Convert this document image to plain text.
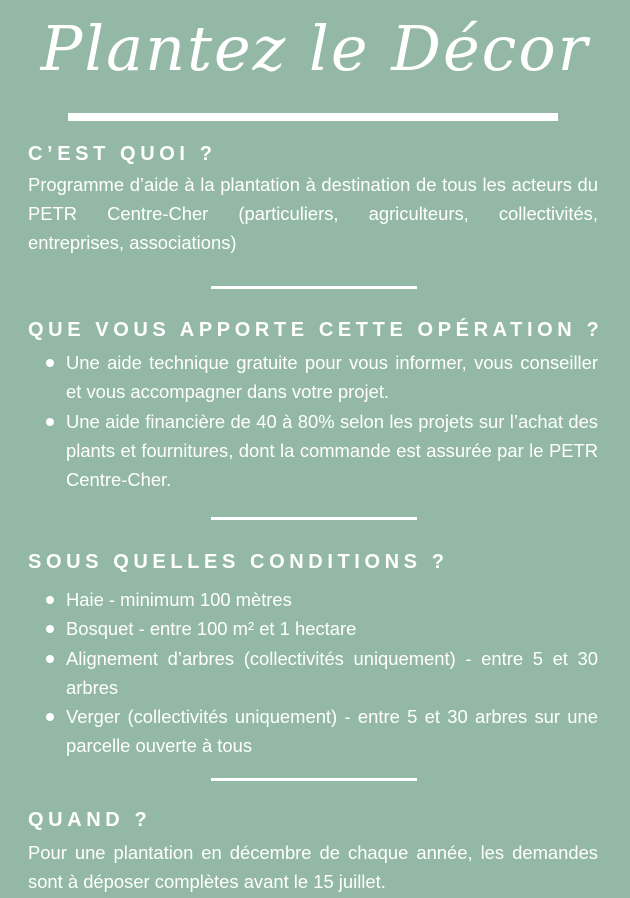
Plantez le Décor
C’EST QUOI ?

Programme d’aide à la plantation à destination de tous les acteurs du PETR Centre-Cher (particuliers, agriculteurs, collectivités, entreprises, associations)

QUE VOUS APPORTE CETTE OPÉRATION ?
Une aide technique gratuite pour vous informer, vous conseiller et vous accompagner dans votre projet.
Une aide financière de 40 à 80% selon les projets sur l’achat des plants et fournitures, dont la commande est assurée par le PETR Centre-Cher.
SOUS QUELLES CONDITIONS ?
Haie - minimum 100 mètres
Bosquet - entre 100 m² et 1 hectare
Alignement d’arbres (collectivités uniquement) - entre 5 et 30 arbres
Verger (collectivités uniquement) - entre 5 et 30 arbres sur une parcelle ouverte à tous
QUAND ?

Pour une plantation en décembre de chaque année, les demandes sont à déposer complètes avant le 15 juillet.
